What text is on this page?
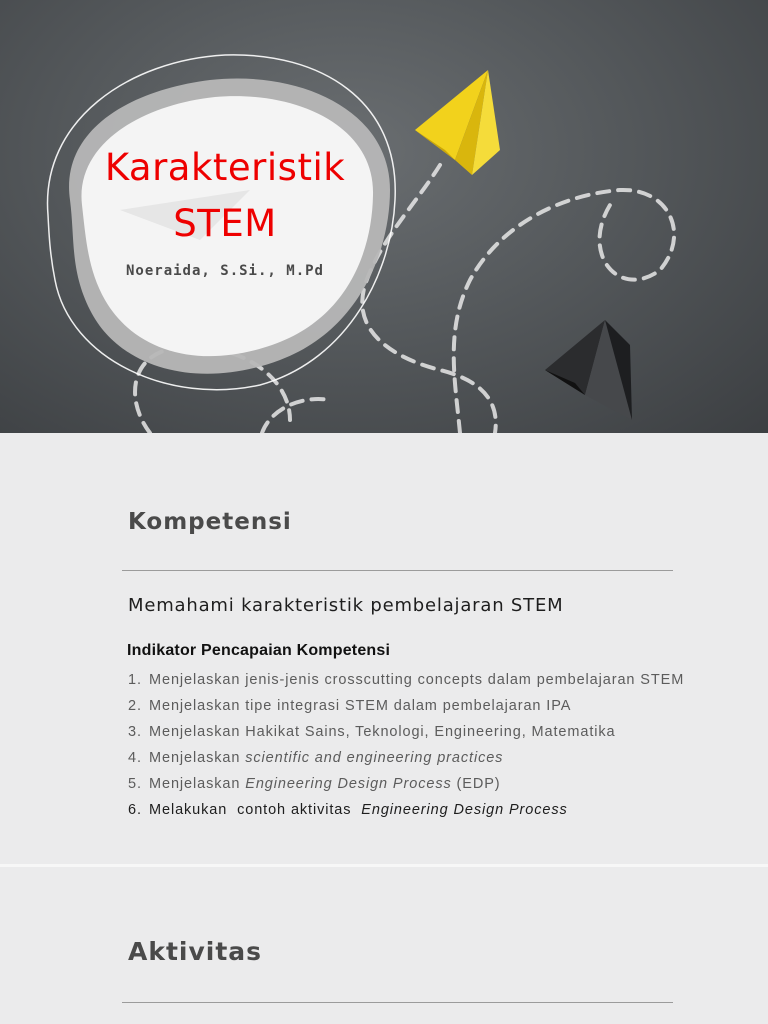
Karakteristik
STEM
Noeraida, S.Si., M.Pd
Kompetensi
Memahami karakteristik pembelajaran STEM
Indikator Pencapaian Kompetensi
1. Menjelaskan jenis-jenis crosscutting concepts dalam pembelajaran STEM
2. Menjelaskan tipe integrasi STEM dalam pembelajaran IPA
3. Menjelaskan Hakikat Sains, Teknologi, Engineering, Matematika
4. Menjelaskan scientific and engineering practices
5. Menjelaskan Engineering Design Process (EDP)
6. Melakukan  contoh aktivitas  Engineering Design Process
Aktivitas
